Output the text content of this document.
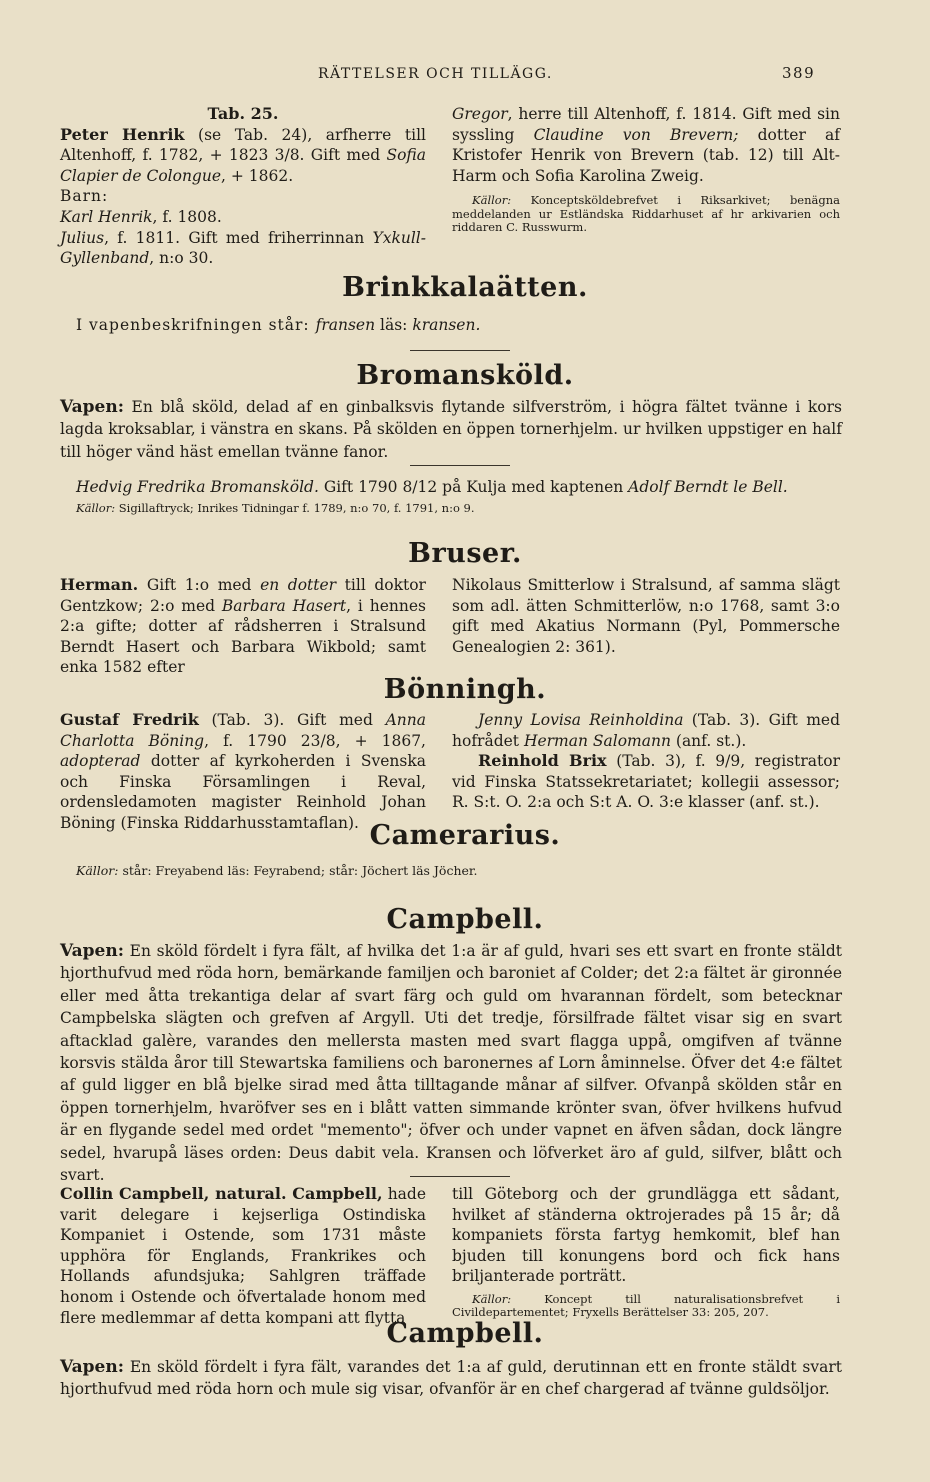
RÄTTELSER OCH TILLÄGG.	389

Tab. 25.

Peter Henrik (se Tab. 24), arfherre till Altenhoff, f. 1782, + 1823 3/8. Gift med Sofia Clapier de Colongue, + 1862.

Barn:

Karl Henrik, f. 1808.

Julius, f. 1811. Gift med friherrinnan Yxkull-Gyllenband, n:o 30.

Gregor, herre till Altenhoff, f. 1814. Gift med sin syssling Claudine von Brevern; dotter af Kristofer Henrik von Brevern (tab. 12) till Alt-Harm och Sofia Karolina Zweig.

Källor: Konceptsköldebrefvet i Riksarkivet; benägna meddelanden ur Estländska Riddarhuset af hr arkivarien och riddaren C. Russwurm.

Brinkkalaätten.

I vapenbeskrifningen står: fransen läs: kransen.

Bromansköld.

Vapen: En blå sköld, delad af en ginbalksvis flytande silfverström, i högra fältet tvänne i kors lagda kroksablar, i vänstra en skans. På skölden en öppen tornerhjelm. ur hvilken uppstiger en half till höger vänd häst emellan tvänne fanor.

Hedvig Fredrika Bromansköld. Gift 1790 8/12 på Kulja med kaptenen Adolf Berndt le Bell.

Källor: Sigillaftryck; Inrikes Tidningar f. 1789, n:o 70, f. 1791, n:o 9.
Bruser.

Herman. Gift 1:o med en dotter till doktor Gentzkow; 2:o med Barbara Hasert, i hennes 2:a gifte; dotter af rådsherren i Stralsund Berndt Hasert och Barbara Wikbold; samt enka 1582 efter

Nikolaus Smitterlow i Stralsund, af samma slägt som adl. ätten Schmitterlöw, n:o 1768, samt 3:o gift med Akatius Normann (Pyl, Pommersche Genealogien 2: 361).

Bönningh.

Gustaf Fredrik (Tab. 3). Gift med Anna Charlotta Böning, f. 1790 23/8, + 1867, adopterad dotter af kyrkoherden i Svenska och Finska Församlingen i Reval, ordensledamoten magister Reinhold Johan Böning (Finska Riddarhusstamtaflan).

Jenny Lovisa Reinholdina (Tab. 3). Gift med hofrådet Herman Salomann (anf. st.).

Reinhold Brix (Tab. 3), f. 9/9, registrator vid Finska Statssekretariatet; kollegii assessor; R. S:t. O. 2:a och S:t A. O. 3:e klasser (anf. st.).

Camerarius.
Källor: står: Freyabend läs: Feyrabend; står: Jöchert läs Jöcher.
Campbell.

Vapen: En sköld fördelt i fyra fält, af hvilka det 1:a är af guld, hvari ses ett svart en fronte stäldt hjorthufvud med röda horn, bemärkande familjen och baroniet af Colder; det 2:a fältet är gironnée eller med åtta trekantiga delar af svart färg och guld om hvarannan fördelt, som betecknar Campbelska slägten och grefven af Argyll. Uti det tredje, försilfrade fältet visar sig en svart aftacklad galère, varandes den mellersta masten med svart flagga uppå, omgifven af tvänne korsvis stälda åror till Stewartska familiens och baronernes af Lorn åminnelse. Öfver det 4:e fältet af guld ligger en blå bjelke sirad med åtta tilltagande månar af silfver. Ofvanpå skölden står en öppen tornerhjelm, hvaröfver ses en i blått vatten simmande krönter svan, öfver hvilkens hufvud är en flygande sedel med ordet "memento"; öfver och under vapnet en äfven sådan, dock längre sedel, hvarupå läses orden: Deus dabit vela. Kransen och löfverket äro af guld, silfver, blått och svart.

Collin Campbell, natural. Campbell, hade varit delegare i kejserliga Ostindiska Kompaniet i Ostende, som 1731 måste upphöra för Englands, Frankrikes och Hollands afundsjuka; Sahlgren träffade honom i Ostende och öfvertalade honom med flere medlemmar af detta kompani att flytta

till Göteborg och der grundlägga ett sådant, hvilket af ständerna oktrojerades på 15 år; då kompaniets första fartyg hemkomit, blef han bjuden till konungens bord och fick hans briljanterade porträtt.

Källor: Koncept till naturalisationsbrefvet i Civildepartementet; Fryxells Berättelser 33: 205, 207.

Campbell.

Vapen: En sköld fördelt i fyra fält, varandes det 1:a af guld, derutinnan ett en fronte stäldt svart hjorthufvud med röda horn och mule sig visar, ofvanför är en chef chargerad af tvänne guldsöljor.
